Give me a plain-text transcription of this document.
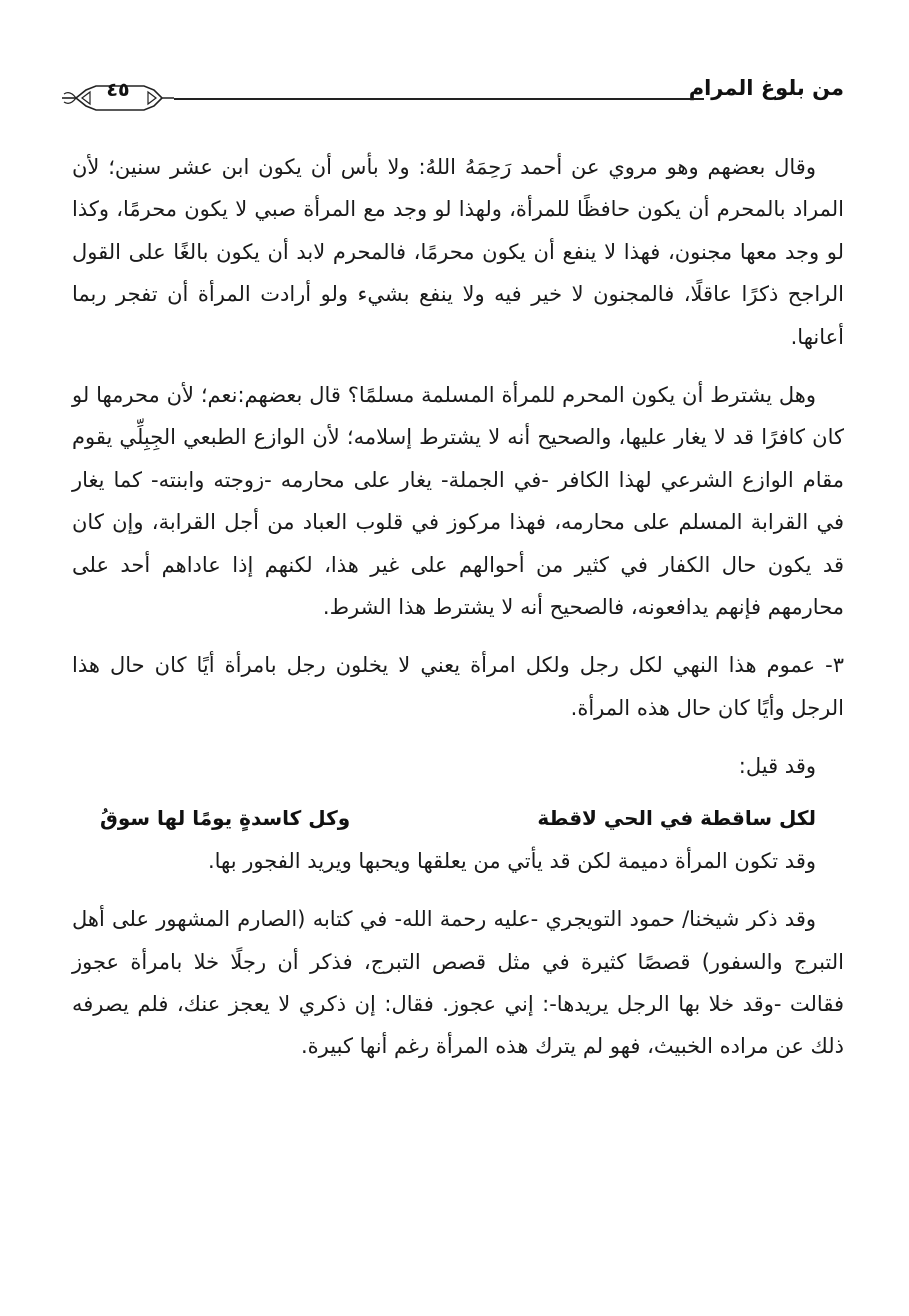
من بلوغ المرام
٤٥

وقال بعضهم وهو مروي عن أحمد رَحِمَهُ اللهُ: ولا بأس أن يكون ابن عشر سنين؛ لأن المراد بالمحرم أن يكون حافظًا للمرأة، ولهذا لو وجد مع المرأة صبي لا يكون محرمًا، وكذا لو وجد معها مجنون، فهذا لا ينفع أن يكون محرمًا، فالمحرم لابد أن يكون بالغًا على القول الراجح ذكرًا عاقلًا، فالمجنون لا خير فيه ولا ينفع بشيء ولو أرادت المرأة أن تفجر ربما أعانها.

وهل يشترط أن يكون المحرم للمرأة المسلمة مسلمًا؟ قال بعضهم:نعم؛ لأن محرمها لو كان كافرًا قد لا يغار عليها، والصحيح أنه لا يشترط إسلامه؛ لأن الوازع الطبعي الجِبِلِّي يقوم مقام الوازع الشرعي لهذا الكافر -في الجملة- يغار على محارمه -زوجته وابنته- كما يغار في القرابة المسلم على محارمه، فهذا مركوز في قلوب العباد من أجل القرابة، وإن كان قد يكون حال الكفار في كثير من أحوالهم على غير هذا، لكنهم إذا عاداهم أحد على محارمهم فإنهم يدافعونه، فالصحيح أنه لا يشترط هذا الشرط.

٣- عموم هذا النهي لكل رجل ولكل امرأة يعني لا يخلون رجل بامرأة أيًا كان حال هذا الرجل وأيًا كان حال هذه المرأة.

وقد قيل:

لكل ساقطة في الحي لاقطة
وكل كاسدةٍ يومًا لها سوقُ

وقد تكون المرأة دميمة لكن قد يأتي من يعلقها ويحبها ويريد الفجور بها.

وقد ذكر شيخنا/ حمود التويجري -عليه رحمة الله- في كتابه (الصارم المشهور على أهل التبرج والسفور) قصصًا كثيرة في مثل قصص التبرج، فذكر أن رجلًا خلا بامرأة عجوز فقالت -وقد خلا بها الرجل يريدها-: إني عجوز. فقال: إن ذكري لا يعجز عنك، فلم يصرفه ذلك عن مراده الخبيث، فهو لم يترك هذه المرأة رغم أنها كبيرة.
